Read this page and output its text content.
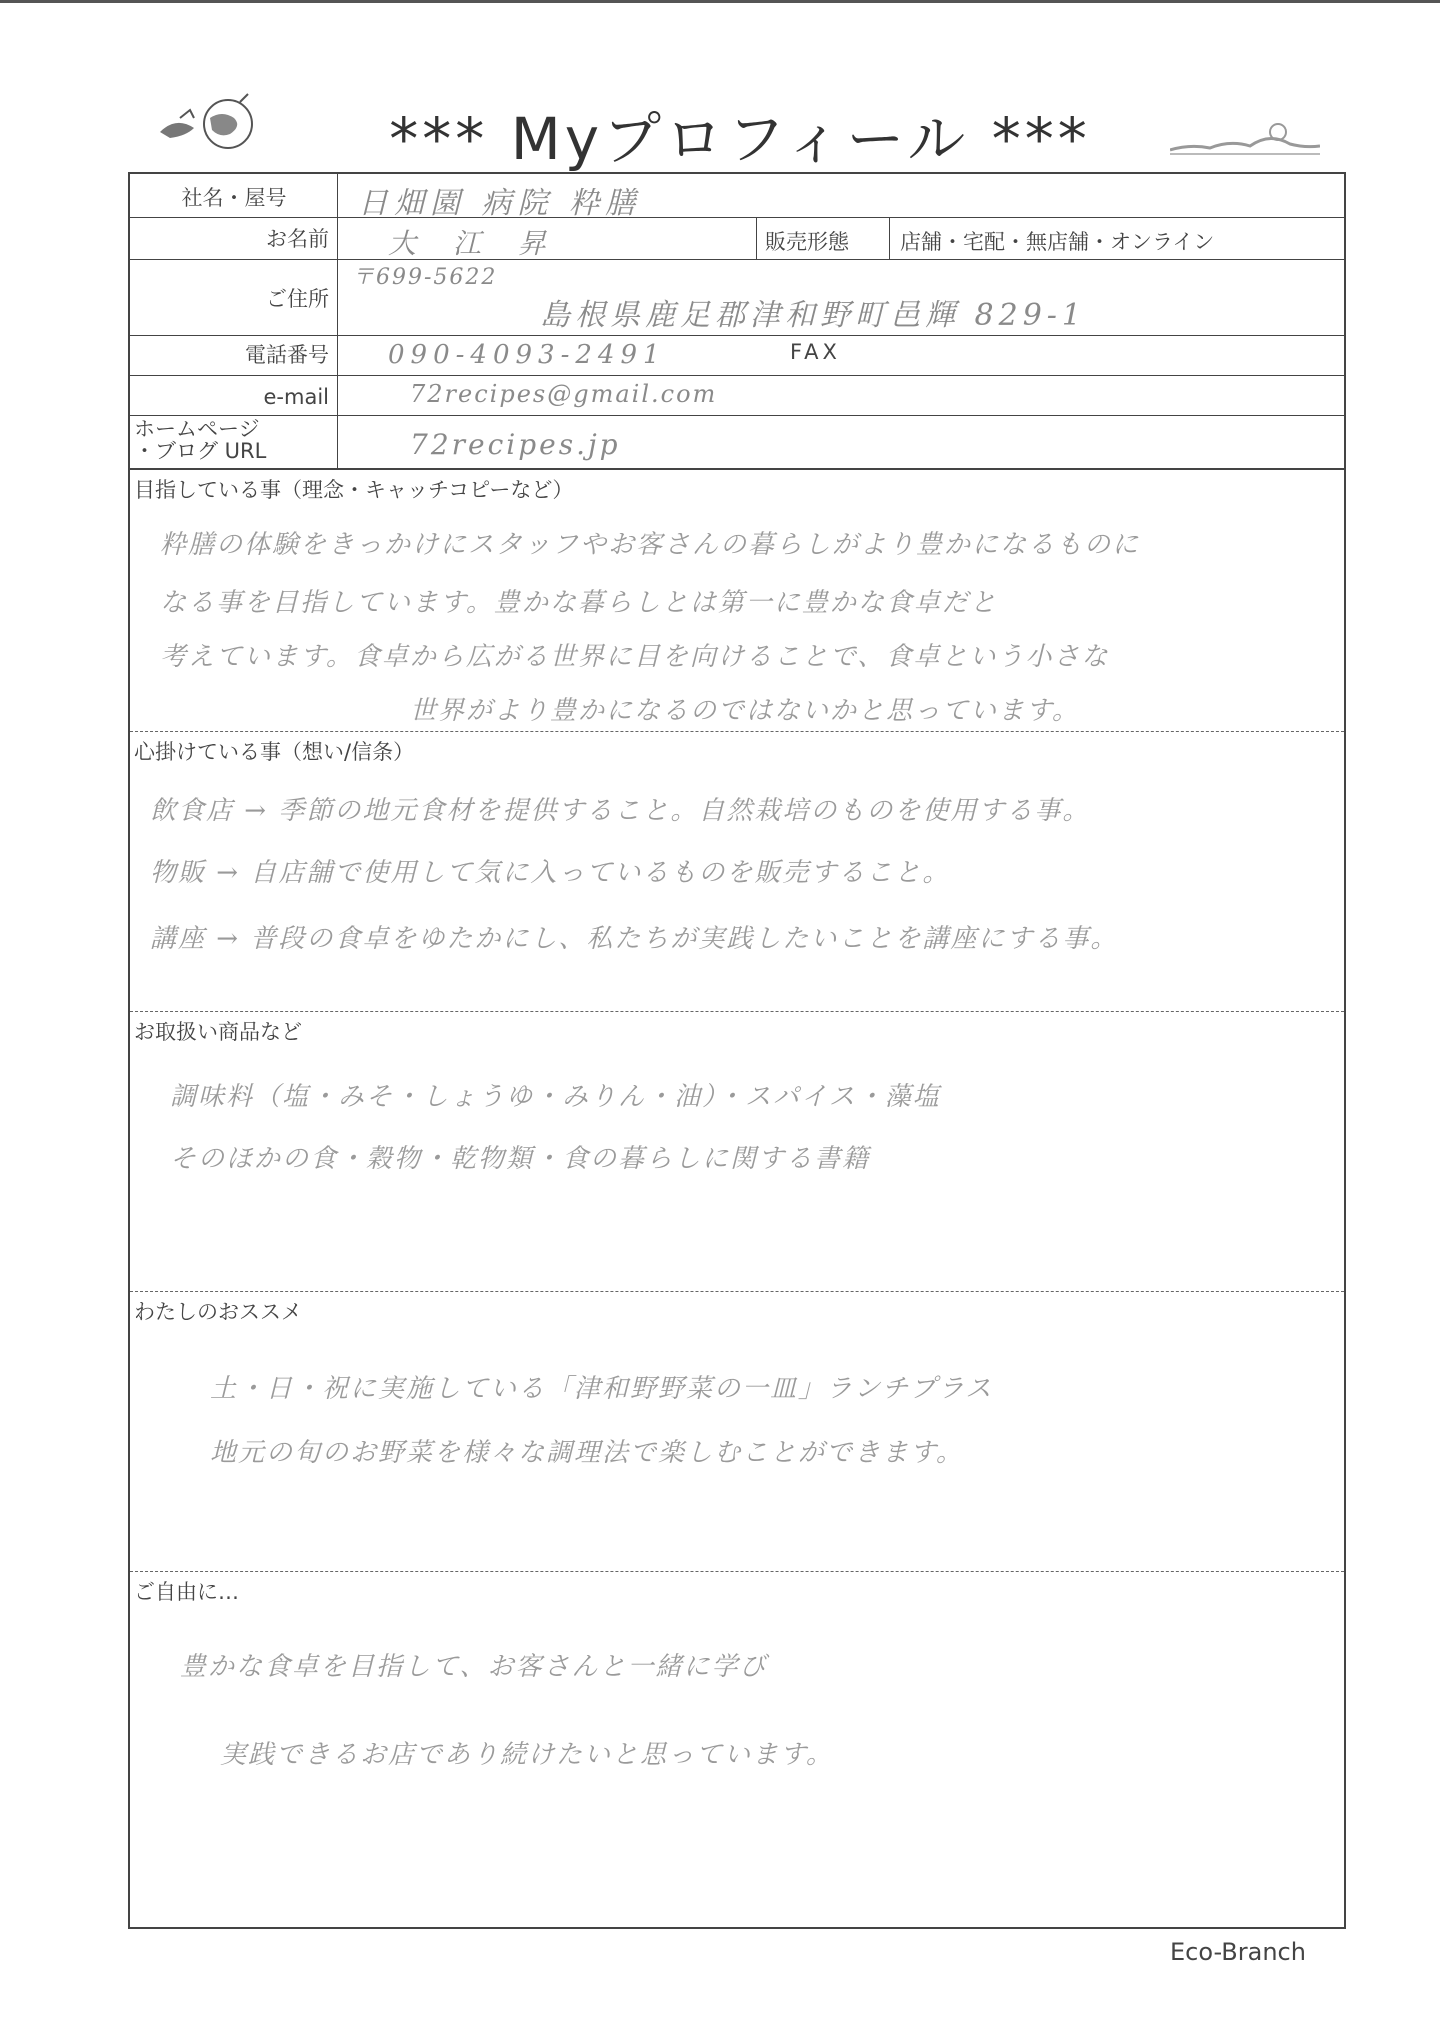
*** Myプロフィール ***
社名・屋号	日畑園 病院 粋膳
お名前 大 江 昇	販売形態 店舗・宅配・無店舗・オンライン
ご住所
〒699-5622
島根県鹿足郡津和野町邑輝 829-1
電話番号 090-4093-2491	FAX
e-mail	72recipes@gmail.com
ホームページ
・ブログ URL	72recipes.jp
目指している事（理念・キャッチコピーなど）
粋膳の体験をきっかけにスタッフやお客さんの暮らしがより豊かになるものに
なる事を目指しています。豊かな暮らしとは第一に豊かな食卓だと
考えています。食卓から広がる世界に目を向けることで、食卓という小さな
世界がより豊かになるのではないかと思っています。
心掛けている事（想い/信条）
飲食店 → 季節の地元食材を提供すること。自然栽培のものを使用する事。
物販 → 自店舗で使用して気に入っているものを販売すること。
講座 → 普段の食卓をゆたかにし、私たちが実践したいことを講座にする事。
お取扱い商品など
調味料（塩・みそ・しょうゆ・みりん・油）・スパイス・藻塩
そのほかの食・穀物・乾物類・食の暮らしに関する書籍
わたしのおススメ
土・日・祝に実施している「津和野野菜の一皿」ランチプラス
地元の旬のお野菜を様々な調理法で楽しむことができます。
ご自由に…
豊かな食卓を目指して、お客さんと一緒に学び
実践できるお店であり続けたいと思っています。
Eco-Branch
